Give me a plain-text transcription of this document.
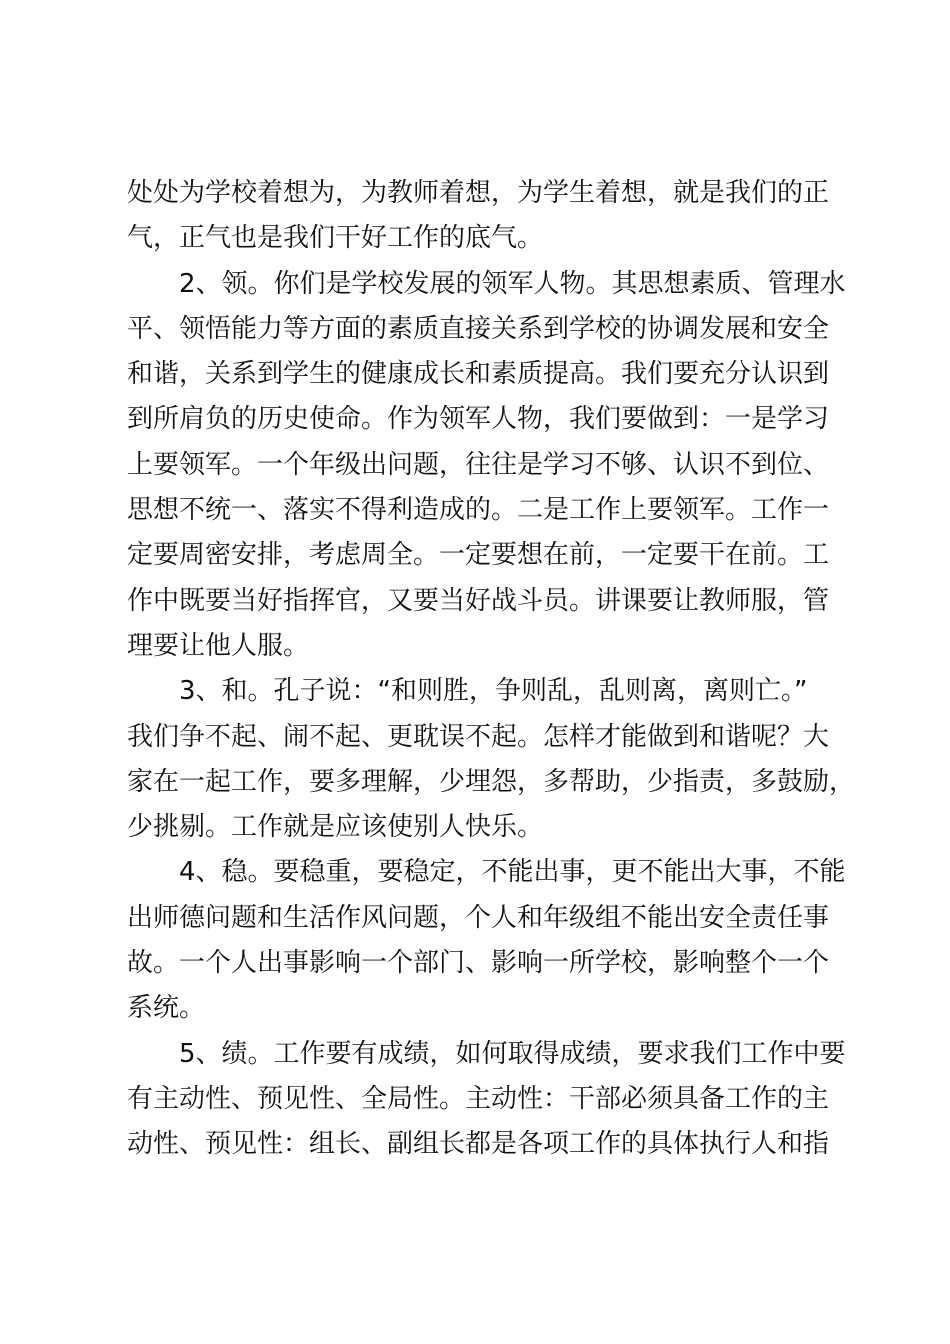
处处为学校着想为，为教师着想，为学生着想，就是我们的正
气，正气也是我们干好工作的底气。
2、领。你们是学校发展的领军人物。其思想素质、管理水
平、领悟能力等方面的素质直接关系到学校的协调发展和安全
和谐，关系到学生的健康成长和素质提高。我们要充分认识到
到所肩负的历史使命。作为领军人物，我们要做到：一是学习
上要领军。一个年级出问题，往往是学习不够、认识不到位、
思想不统一、落实不得利造成的。二是工作上要领军。工作一
定要周密安排，考虑周全。一定要想在前，一定要干在前。工
作中既要当好指挥官，又要当好战斗员。讲课要让教师服，管
理要让他人服。
3、和。孔子说：“和则胜，争则乱，乱则离，离则亡。”
我们争不起、闹不起、更耽误不起。怎样才能做到和谐呢？大
家在一起工作，要多理解，少埋怨，多帮助，少指责，多鼓励，
少挑剔。工作就是应该使别人快乐。
4、稳。要稳重，要稳定，不能出事，更不能出大事，不能
出师德问题和生活作风问题，个人和年级组不能出安全责任事
故。一个人出事影响一个部门、影响一所学校，影响整个一个
系统。
5、绩。工作要有成绩，如何取得成绩，要求我们工作中要
有主动性、预见性、全局性。主动性：干部必须具备工作的主
动性、预见性：组长、副组长都是各项工作的具体执行人和指
